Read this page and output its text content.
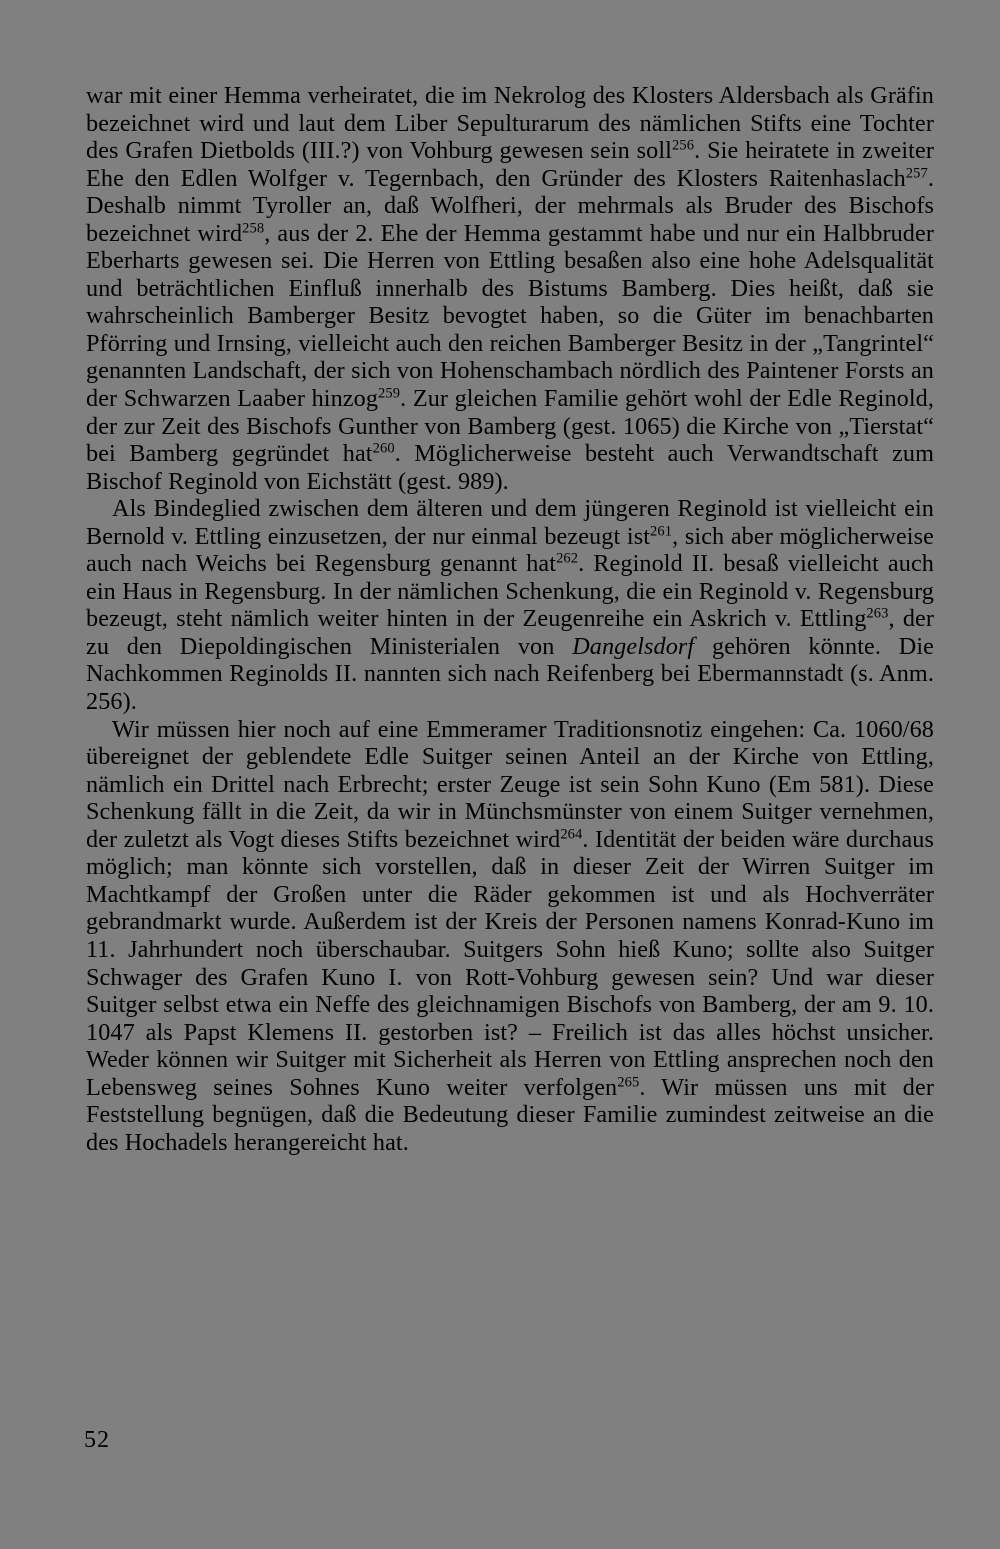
war mit einer Hemma verheiratet, die im Nekrolog des Klosters Aldersbach als Gräfin bezeichnet wird und laut dem Liber Sepulturarum des nämlichen Stifts eine Tochter des Grafen Dietbolds (III.?) von Vohburg gewesen sein soll$^{256}$. Sie heiratete in zweiter Ehe den Edlen Wolfger v. Tegernbach, den Gründer des Klosters Raitenhaslach$^{257}$. Deshalb nimmt Tyroller an, daß Wolfheri, der mehrmals als Bruder des Bischofs bezeichnet wird$^{258}$, aus der 2. Ehe der Hemma gestammt habe und nur ein Halbbruder Eberharts gewesen sei. Die Herren von Ettling besaßen also eine hohe Adelsqualität und beträchtlichen Einfluß innerhalb des Bistums Bamberg. Dies heißt, daß sie wahrscheinlich Bamberger Besitz bevogtet haben, so die Güter im benachbarten Pförring und Irnsing, vielleicht auch den reichen Bamberger Besitz in der „Tangrintel“ genannten Landschaft, der sich von Hohenschambach nördlich des Paintener Forsts an der Schwarzen Laaber hinzog$^{259}$. Zur gleichen Familie gehört wohl der Edle Reginold, der zur Zeit des Bischofs Gunther von Bamberg (gest. 1065) die Kirche von „Tierstat“ bei Bamberg gegründet hat$^{260}$. Möglicherweise besteht auch Verwandtschaft zum Bischof Reginold von Eichstätt (gest. 989).

Als Bindeglied zwischen dem älteren und dem jüngeren Reginold ist vielleicht ein Bernold v. Ettling einzusetzen, der nur einmal bezeugt ist$^{261}$, sich aber möglicherweise auch nach Weichs bei Regensburg genannt hat$^{262}$. Reginold II. besaß vielleicht auch ein Haus in Regensburg. In der nämlichen Schenkung, die ein Reginold v. Regensburg bezeugt, steht nämlich weiter hinten in der Zeugenreihe ein Askrich v. Ettling$^{263}$, der zu den Diepoldingischen Ministerialen von Dangelsdorf gehören könnte. Die Nachkommen Reginolds II. nannten sich nach Reifenberg bei Ebermannstadt (s. Anm. 256).

Wir müssen hier noch auf eine Emmeramer Traditionsnotiz eingehen: Ca. 1060/68 übereignet der geblendete Edle Suitger seinen Anteil an der Kirche von Ettling, nämlich ein Drittel nach Erbrecht; erster Zeuge ist sein Sohn Kuno (Em 581). Diese Schenkung fällt in die Zeit, da wir in Münchsmünster von einem Suitger vernehmen, der zuletzt als Vogt dieses Stifts bezeichnet wird$^{264}$. Identität der beiden wäre durchaus möglich; man könnte sich vorstellen, daß in dieser Zeit der Wirren Suitger im Machtkampf der Großen unter die Räder gekommen ist und als Hochverräter gebrandmarkt wurde. Außerdem ist der Kreis der Personen namens Konrad-Kuno im 11. Jahrhundert noch überschaubar. Suitgers Sohn hieß Kuno; sollte also Suitger Schwager des Grafen Kuno I. von Rott-Vohburg gewesen sein? Und war dieser Suitger selbst etwa ein Neffe des gleichnamigen Bischofs von Bamberg, der am 9. 10. 1047 als Papst Klemens II. gestorben ist? – Freilich ist das alles höchst unsicher. Weder können wir Suitger mit Sicherheit als Herren von Ettling ansprechen noch den Lebensweg seines Sohnes Kuno weiter verfolgen$^{265}$. Wir müssen uns mit der Feststellung begnügen, daß die Bedeutung dieser Familie zumindest zeitweise an die des Hochadels herangereicht hat.

52
